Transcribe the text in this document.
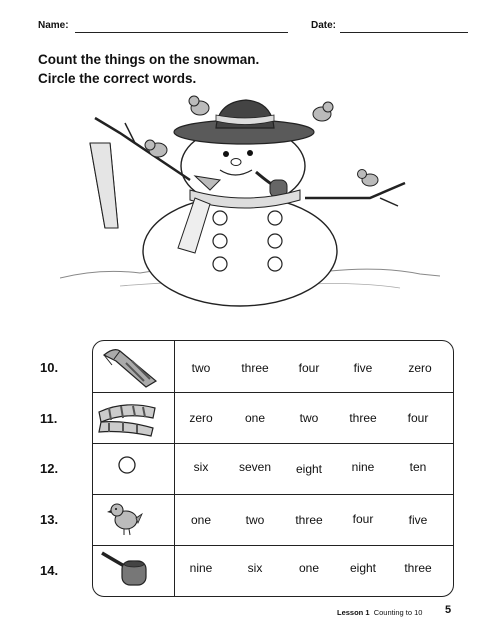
Name:	Date:
Count the things on the snowman.
Circle the correct words.
10.	two	three	four	five	zero
11.	zero	one	two	three	four
12.	six	seven	eight	nine	ten
13.	one	two	three	four	five
14.	nine	six	one	eight	three
Lesson 1 Counting to 10 5
